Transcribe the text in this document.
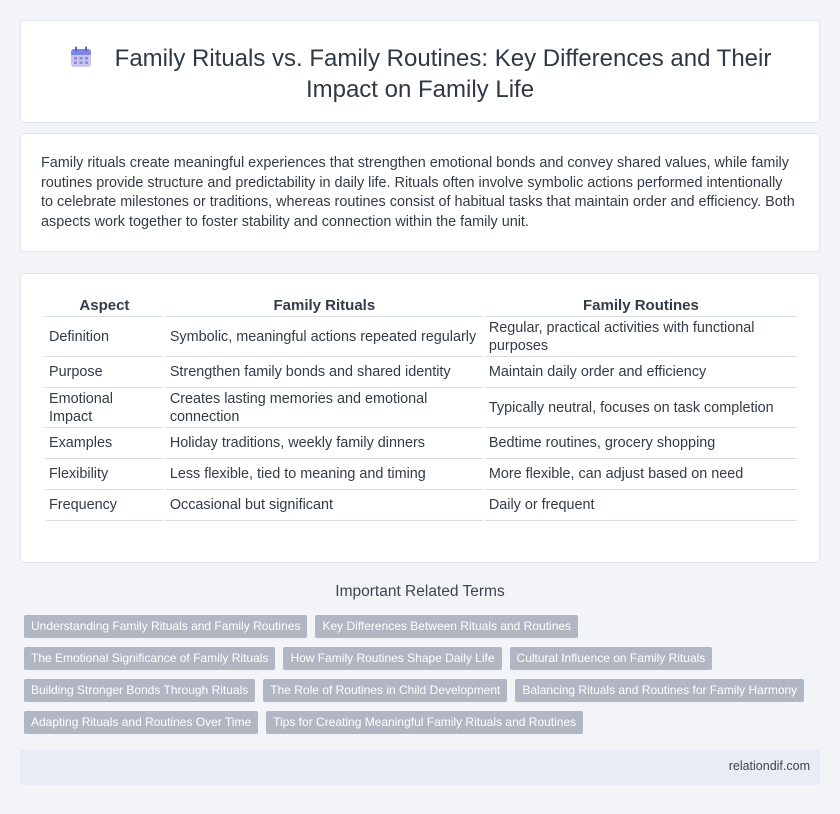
Family Rituals vs. Family Routines: Key Differences and Their Impact on Family Life

Family rituals create meaningful experiences that strengthen emotional bonds and convey shared values, while family routines provide structure and predictability in daily life. Rituals often involve symbolic actions performed intentionally to celebrate milestones or traditions, whereas routines consist of habitual tasks that maintain order and efficiency. Both aspects work together to foster stability and connection within the family unit.

Aspect	Family Rituals	Family Routines
Definition	Symbolic, meaningful actions repeated regularly	Regular, practical activities with functional purposes
Purpose	Strengthen family bonds and shared identity	Maintain daily order and efficiency
Emotional Impact	Creates lasting memories and emotional connection	Typically neutral, focuses on task completion
Examples	Holiday traditions, weekly family dinners	Bedtime routines, grocery shopping
Flexibility	Less flexible, tied to meaning and timing	More flexible, can adjust based on need
Frequency	Occasional but significant	Daily or frequent
Important Related Terms
Understanding Family Rituals and Family Routines	Key Differences Between Rituals and Routines
The Emotional Significance of Family Rituals	How Family Routines Shape Daily Life	Cultural Influence on Family Rituals
Building Stronger Bonds Through Rituals	The Role of Routines in Child Development	Balancing Rituals and Routines for Family Harmony
Adapting Rituals and Routines Over Time	Tips for Creating Meaningful Family Rituals and Routines
relationdif.com
